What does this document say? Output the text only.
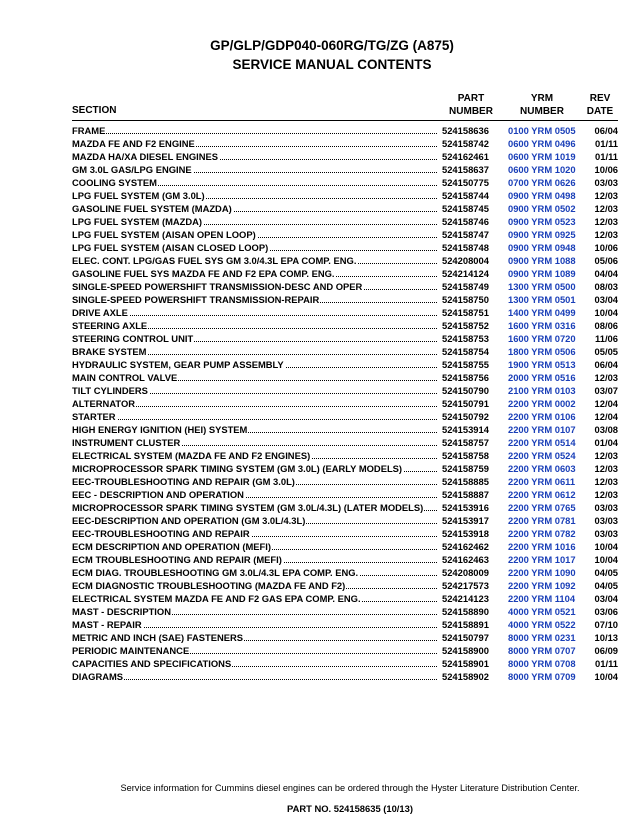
GP/GLP/GDP040-060RG/TG/ZG (A875)
SERVICE MANUAL CONTENTS
SECTION
PART
NUMBER
YRM
NUMBER
REV
DATE
FRAME	524158636	0100 YRM 0505	06/04
MAZDA FE AND F2 ENGINE	524158742	0600 YRM 0496	01/11
MAZDA HA/XA DIESEL ENGINES	524162461	0600 YRM 1019	01/11
GM 3.0L GAS/LPG ENGINE	524158637	0600 YRM 1020	10/06
COOLING SYSTEM	524150775	0700 YRM 0626	03/03
LPG FUEL SYSTEM (GM 3.0L)	524158744	0900 YRM 0498	12/03
GASOLINE FUEL SYSTEM (MAZDA)	524158745	0900 YRM 0502	12/03
LPG FUEL SYSTEM (MAZDA)	524158746	0900 YRM 0523	12/03
LPG FUEL SYSTEM (AISAN OPEN LOOP)	524158747	0900 YRM 0925	12/03
LPG FUEL SYSTEM (AISAN CLOSED LOOP)	524158748	0900 YRM 0948	10/06
ELEC. CONT. LPG/GAS FUEL SYS GM 3.0/4.3L EPA COMP. ENG.	524208004	0900 YRM 1088	05/06
GASOLINE FUEL SYS MAZDA FE AND F2 EPA COMP. ENG.	524214124	0900 YRM 1089	04/04
SINGLE-SPEED POWERSHIFT TRANSMISSION-DESC AND OPER	524158749	1300 YRM 0500	08/03
SINGLE-SPEED POWERSHIFT TRANSMISSION-REPAIR	524158750	1300 YRM 0501	03/04
DRIVE AXLE	524158751	1400 YRM 0499	10/04
STEERING AXLE	524158752	1600 YRM 0316	08/06
STEERING CONTROL UNIT	524158753	1600 YRM 0720	11/06
BRAKE SYSTEM	524158754	1800 YRM 0506	05/05
HYDRAULIC SYSTEM, GEAR PUMP ASSEMBLY	524158755	1900 YRM 0513	06/04
MAIN CONTROL VALVE	524158756	2000 YRM 0516	12/03
TILT CYLINDERS	524150790	2100 YRM 0103	03/07
ALTERNATOR	524150791	2200 YRM 0002	12/04
STARTER	524150792	2200 YRM 0106	12/04
HIGH ENERGY IGNITION (HEI) SYSTEM	524153914	2200 YRM 0107	03/08
INSTRUMENT CLUSTER	524158757	2200 YRM 0514	01/04
ELECTRICAL SYSTEM (MAZDA FE AND F2 ENGINES)	524158758	2200 YRM 0524	12/03
MICROPROCESSOR SPARK TIMING SYSTEM (GM 3.0L) (EARLY MODELS)	524158759	2200 YRM 0603	12/03
EEC-TROUBLESHOOTING AND REPAIR (GM 3.0L)	524158885	2200 YRM 0611	12/03
EEC - DESCRIPTION AND OPERATION	524158887	2200 YRM 0612	12/03
MICROPROCESSOR SPARK TIMING SYSTEM (GM 3.0L/4.3L) (LATER MODELS)	524153916	2200 YRM 0765	03/03
EEC-DESCRIPTION AND OPERATION (GM 3.0L/4.3L)	524153917	2200 YRM 0781	03/03
EEC-TROUBLESHOOTING AND REPAIR	524153918	2200 YRM 0782	03/03
ECM DESCRIPTION AND OPERATION (MEFI)	524162462	2200 YRM 1016	10/04
ECM TROUBLESHOOTING AND REPAIR (MEFI)	524162463	2200 YRM 1017	10/04
ECM DIAG. TROUBLESHOOTING GM 3.0L/4.3L EPA COMP. ENG.	524208009	2200 YRM 1090	04/05
ECM DIAGNOSTIC TROUBLESHOOTING (MAZDA FE AND F2)	524217573	2200 YRM 1092	04/05
ELECTRICAL SYSTEM MAZDA FE AND F2 GAS EPA COMP. ENG.	524214123	2200 YRM 1104	03/04
MAST - DESCRIPTION	524158890	4000 YRM 0521	03/06
MAST - REPAIR	524158891	4000 YRM 0522	07/10
METRIC AND INCH (SAE) FASTENERS	524150797	8000 YRM 0231	10/13
PERIODIC MAINTENANCE	524158900	8000 YRM 0707	06/09
CAPACITIES AND SPECIFICATIONS	524158901	8000 YRM 0708	01/11
DIAGRAMS	524158902	8000 YRM 0709	10/04
Service information for Cummins diesel engines can be ordered through the Hyster Literature Distribution Center.
PART NO. 524158635 (10/13)
